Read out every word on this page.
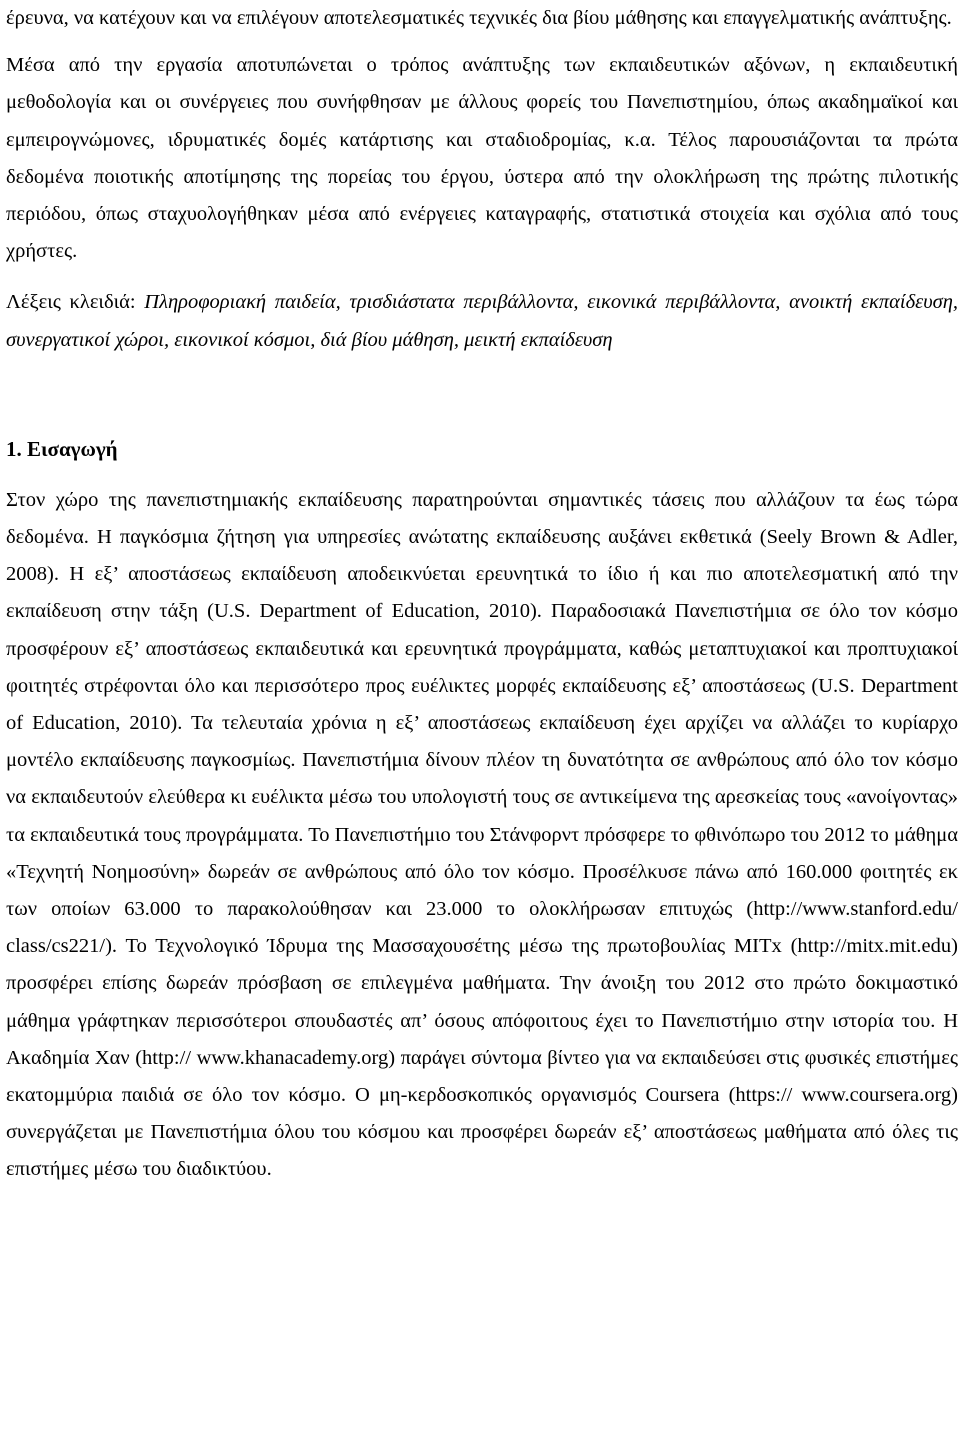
έρευνα, να κατέχουν και να επιλέγουν αποτελεσματικές τεχνικές δια βίου μάθησης και επαγγελματικής ανάπτυξης.

Μέσα από την εργασία αποτυπώνεται ο τρόπος ανάπτυξης των εκπαιδευτικών αξόνων, η εκπαιδευτική μεθοδολογία και οι συνέργειες που συνήφθησαν με άλλους φορείς του Πανεπιστημίου, όπως ακαδημαϊκοί και εμπειρογνώμονες, ιδρυματικές δομές κατάρτισης και σταδιοδρομίας, κ.α. Τέλος παρουσιάζονται τα πρώτα δεδομένα ποιοτικής αποτίμησης της πορείας του έργου, ύστερα από την ολοκλήρωση της πρώτης πιλοτικής περιόδου, όπως σταχυολογήθηκαν μέσα από ενέργειες καταγραφής, στατιστικά στοιχεία και σχόλια από τους χρήστες.

Λέξεις κλειδιά: Πληροφοριακή παιδεία, τρισδιάστατα περιβάλλοντα, εικονικά περιβάλλοντα, ανοικτή εκπαίδευση, συνεργατικοί χώροι, εικονικοί κόσμοι, διά βίου μάθηση, μεικτή εκπαίδευση

1. Εισαγωγή

Στον χώρο της πανεπιστημιακής εκπαίδευσης παρατηρούνται σημαντικές τάσεις που αλλάζουν τα έως τώρα δεδομένα. Η παγκόσμια ζήτηση για υπηρεσίες ανώτατης εκπαίδευσης αυξάνει εκθετικά (Seely Brown & Adler, 2008). Η εξ’ αποστάσεως εκπαίδευση αποδεικνύεται ερευνητικά το ίδιο ή και πιο αποτελεσματική από την εκπαίδευση στην τάξη (U.S. Department of Education, 2010). Παραδοσιακά Πανεπιστήμια σε όλο τον κόσμο προσφέρουν εξ’ αποστάσεως εκπαιδευτικά και ερευνητικά προγράμματα, καθώς μεταπτυχιακοί και προπτυχιακοί φοιτητές στρέφονται όλο και περισσότερο προς ευέλικτες μορφές εκπαίδευσης εξ’ αποστάσεως (U.S. Department of Education, 2010). Τα τελευταία χρόνια η εξ’ αποστάσεως εκπαίδευση έχει αρχίζει να αλλάζει το κυρίαρχο μοντέλο εκπαίδευσης παγκοσμίως. Πανεπιστήμια δίνουν πλέον τη δυνατότητα σε ανθρώπους από όλο τον κόσμο να εκπαιδευτούν ελεύθερα κι ευέλικτα μέσω του υπολογιστή τους σε αντικείμενα της αρεσκείας τους «ανοίγοντας» τα εκπαιδευτικά τους προγράμματα. Το Πανεπιστήμιο του Στάνφορντ πρόσφερε το φθινόπωρο του 2012 το μάθημα «Τεχνητή Νοημοσύνη» δωρεάν σε ανθρώπους από όλο τον κόσμο. Προσέλκυσε πάνω από 160.000 φοιτητές εκ των οποίων 63.000 το παρακολούθησαν και 23.000 το ολοκλήρωσαν επιτυχώς (http://www.stanford.edu/ class/cs221/). Το Τεχνολογικό Ίδρυμα της Μασσαχουσέτης μέσω της πρωτοβουλίας MITx (http://mitx.mit.edu) προσφέρει επίσης δωρεάν πρόσβαση σε επιλεγμένα μαθήματα. Την άνοιξη του 2012 στο πρώτο δοκιμαστικό μάθημα γράφτηκαν περισσότεροι σπουδαστές απ’ όσους απόφοιτους έχει το Πανεπιστήμιο στην ιστορία του. Η Ακαδημία Χαν (http:// www.khanacademy.org) παράγει σύντομα βίντεο για να εκπαιδεύσει στις φυσικές επιστήμες εκατομμύρια παιδιά σε όλο τον κόσμο. Ο μη-κερδοσκοπικός οργανισμός Coursera (https:// www.coursera.org) συνεργάζεται με Πανεπιστήμια όλου του κόσμου και προσφέρει δωρεάν εξ’ αποστάσεως μαθήματα από όλες τις επιστήμες μέσω του διαδικτύου.
